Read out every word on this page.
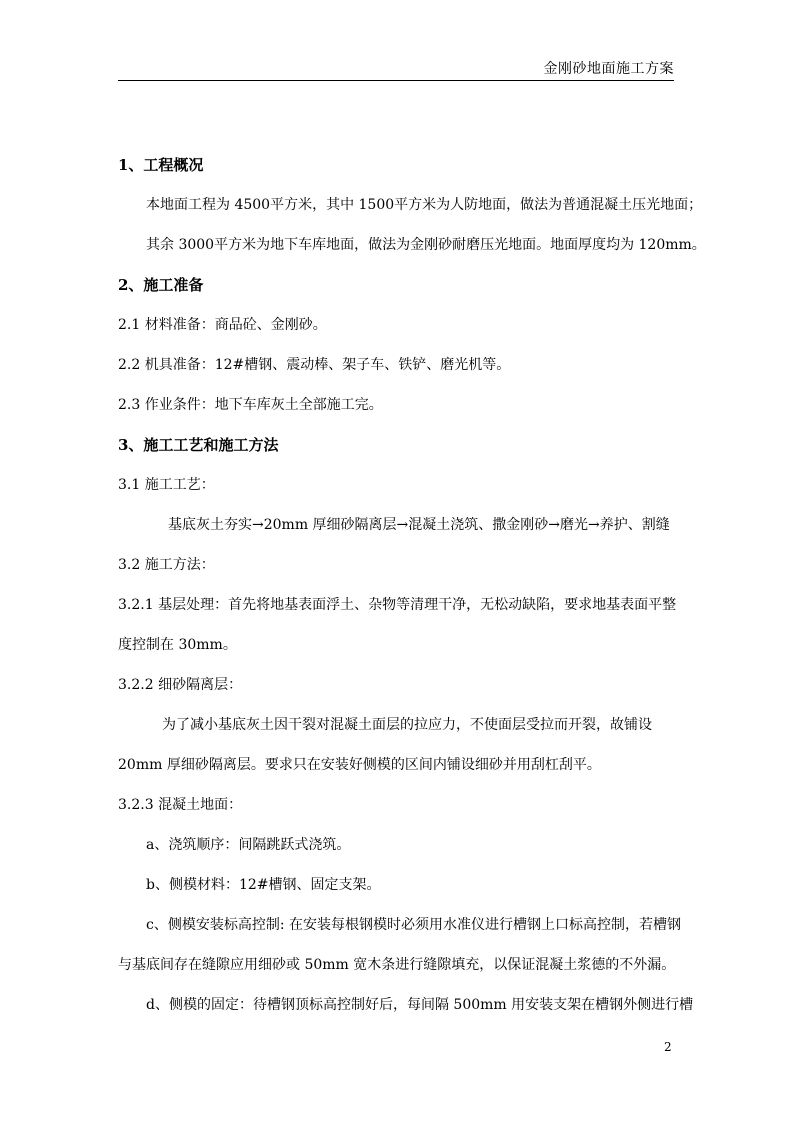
金刚砂地面施工方案
1、工程概况
本地面工程为 4500平方米，其中 1500平方米为人防地面，做法为普通混凝土压光地面；
其余 3000平方米为地下车库地面，做法为金刚砂耐磨压光地面。地面厚度均为 120mm。
2、施工准备
2.1 材料准备：商品砼、金刚砂。
2.2 机具准备：12#槽钢、震动棒、架子车、铁铲、磨光机等。
2.3 作业条件：地下车库灰土全部施工完。
3、施工工艺和施工方法
3.1 施工工艺：
基底灰土夯实→20mm 厚细砂隔离层→混凝土浇筑、撒金刚砂→磨光→养护、割缝
3.2 施工方法：
3.2.1 基层处理：首先将地基表面浮土、杂物等清理干净，无松动缺陷，要求地基表面平整
度控制在 30mm。
3.2.2 细砂隔离层：
为了减小基底灰土因干裂对混凝土面层的拉应力，不使面层受拉而开裂，故铺设
20mm 厚细砂隔离层。要求只在安装好侧模的区间内铺设细砂并用刮杠刮平。
3.2.3 混凝土地面：
a、浇筑顺序：间隔跳跃式浇筑。
b、侧模材料：12#槽钢、固定支架。
c、侧模安装标高控制: 在安装每根钢模时必须用水准仪进行槽钢上口标高控制，若槽钢
与基底间存在缝隙应用细砂或 50mm 宽木条进行缝隙填充，以保证混凝土浆德的不外漏。
d、侧模的固定：待槽钢顶标高控制好后，每间隔 500mm 用安装支架在槽钢外侧进行槽
2
